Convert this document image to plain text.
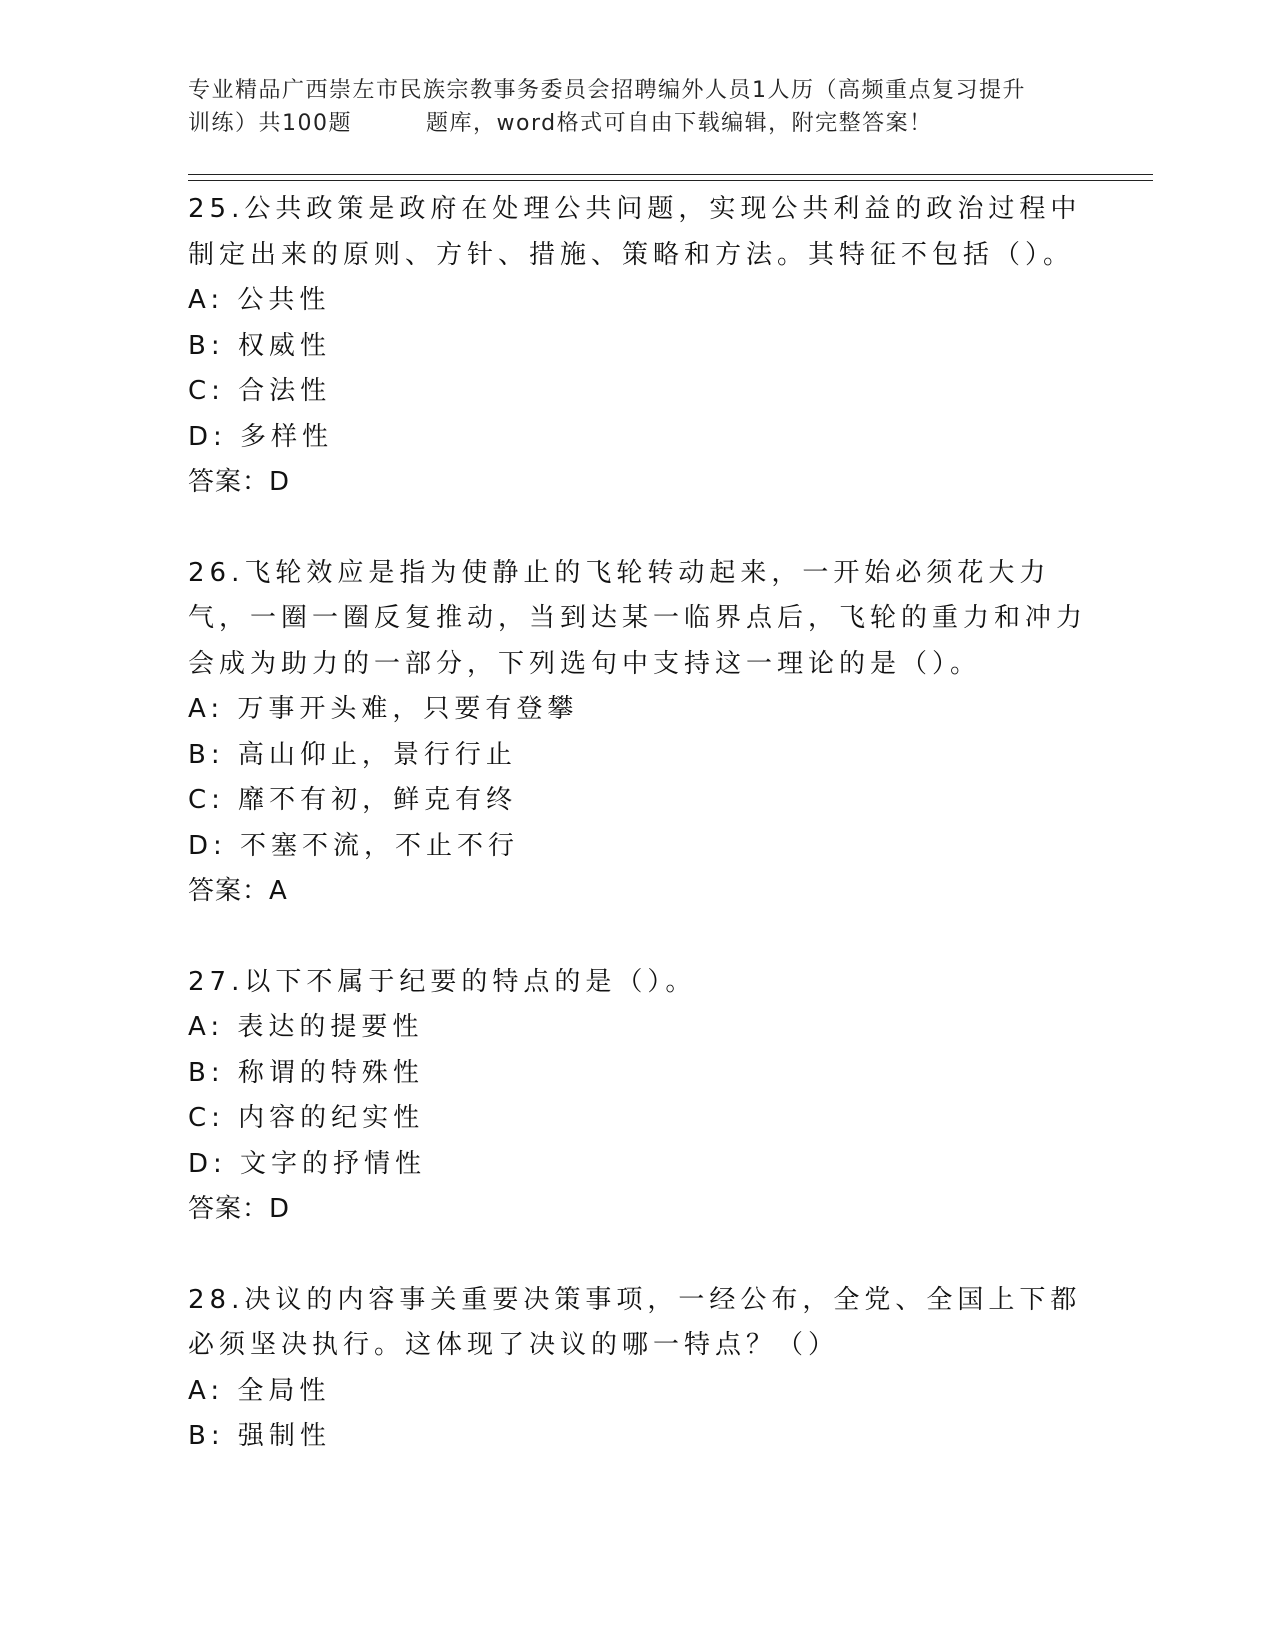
专业精品广西崇左市民族宗教事务委员会招聘编外人员1人历（高频重点复习提升
训练）共100题	题库，word格式可自由下载编辑，附完整答案！
25.公共政策是政府在处理公共问题，实现公共利益的政治过程中制定出来的原则、方针、措施、策略和方法。其特征不包括（）。
A: 公共性
B: 权威性
C: 合法性
D: 多样性
答案：D
26.飞轮效应是指为使静止的飞轮转动起来，一开始必须花大力气，一圈一圈反复推动，当到达某一临界点后，飞轮的重力和冲力会成为助力的一部分，下列选句中支持这一理论的是（）。
A: 万事开头难，只要有登攀
B: 高山仰止，景行行止
C: 靡不有初，鲜克有终
D: 不塞不流，不止不行
答案：A
27.以下不属于纪要的特点的是（）。
A: 表达的提要性
B: 称谓的特殊性
C: 内容的纪实性
D: 文字的抒情性
答案：D
28.决议的内容事关重要决策事项，一经公布，全党、全国上下都必须坚决执行。这体现了决议的哪一特点？（）
A: 全局性
B: 强制性
